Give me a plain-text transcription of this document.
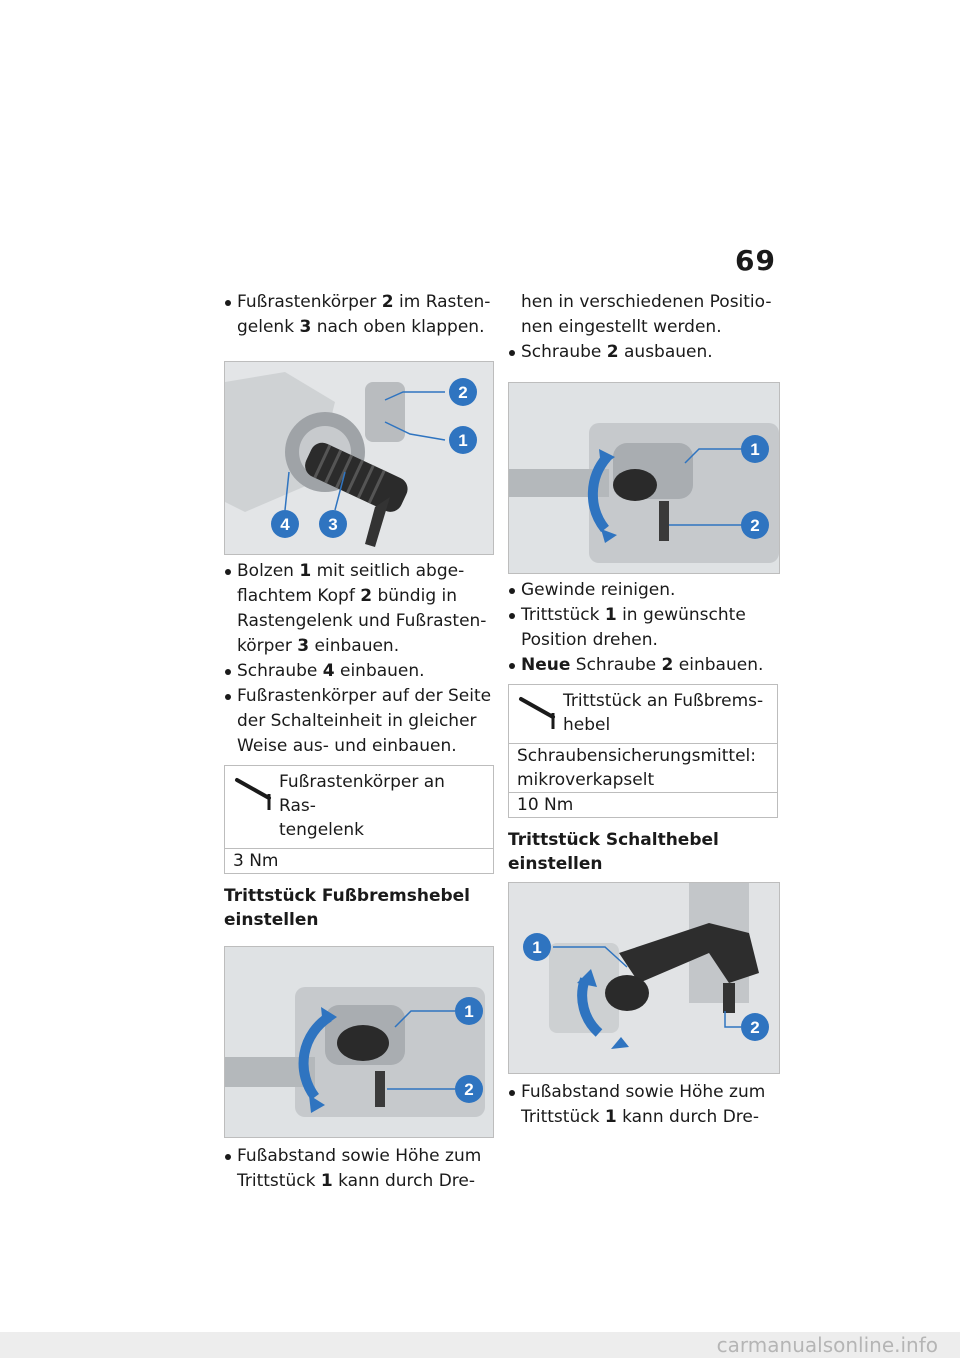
69

Fußrastenkörper 2 im Rasten-

gelenk 3 nach oben klappen.

2
1
4 3

Bolzen 1 mit seitlich abge-

flachtem Kopf 2 bündig in

Rastengelenk und Fußrasten-

körper 3 einbauen.

Schraube 4 einbauen.

Fußrastenkörper auf der Seite

der Schalteinheit in gleicher

Weise aus- und einbauen.

Fußrastenkörper an Ras-

tengelenk

3 Nm

Trittstück Fußbremshebel

einstellen

1
2

Fußabstand sowie Höhe zum

Trittstück 1 kann durch Dre-

hen in verschiedenen Positio-

nen eingestellt werden.

Schraube 2 ausbauen.

1
2

Gewinde reinigen.

Trittstück 1 in gewünschte

Position drehen.

Neue Schraube 2 einbauen.

Trittstück an Fußbrems-

hebel

Schraubensicherungsmittel:

mikroverkapselt

10 Nm

Trittstück Schalthebel

einstellen

1
2

Fußabstand sowie Höhe zum

Trittstück 1 kann durch Dre-

carmanualsonline.info
